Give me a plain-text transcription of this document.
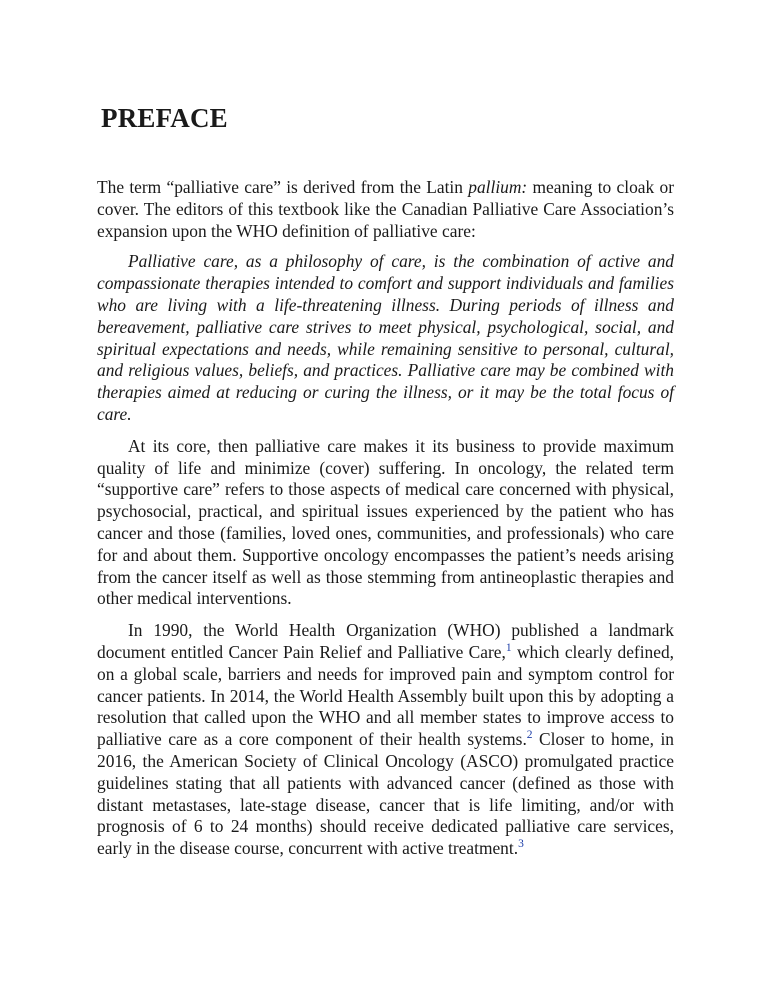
PREFACE

The term “palliative care” is derived from the Latin pallium: meaning to cloak or cover. The editors of this textbook like the Canadian Palliative Care Association’s expansion upon the WHO definition of palliative care:

Palliative care, as a philosophy of care, is the combination of active and compassionate therapies intended to comfort and support individuals and families who are living with a life-threatening illness. During periods of illness and bereavement, palliative care strives to meet physical, psychological, social, and spiritual expectations and needs, while remaining sensitive to personal, cultural, and religious values, beliefs, and practices. Palliative care may be combined with therapies aimed at reducing or curing the illness, or it may be the total focus of care.

At its core, then palliative care makes it its business to provide maximum quality of life and minimize (cover) suffering. In oncology, the related term “supportive care” refers to those aspects of medical care concerned with physical, psychosocial, practical, and spiritual issues experienced by the patient who has cancer and those (families, loved ones, communities, and professionals) who care for and about them. Supportive oncology encompasses the patient’s needs arising from the cancer itself as well as those stemming from antineoplastic therapies and other medical interventions.

In 1990, the World Health Organization (WHO) published a landmark document entitled Cancer Pain Relief and Palliative Care,$^1$ which clearly defined, on a global scale, barriers and needs for improved pain and symptom control for cancer patients. In 2014, the World Health Assembly built upon this by adopting a resolution that called upon the WHO and all member states to improve access to palliative care as a core component of their health systems.$^2$ Closer to home, in 2016, the American Society of Clinical Oncology (ASCO) promulgated practice guidelines stating that all patients with advanced cancer (defined as those with distant metastases, late-stage disease, cancer that is life limiting, and/or with prognosis of 6 to 24 months) should receive dedicated palliative care services, early in the disease course, concurrent with active treatment.$^3$
